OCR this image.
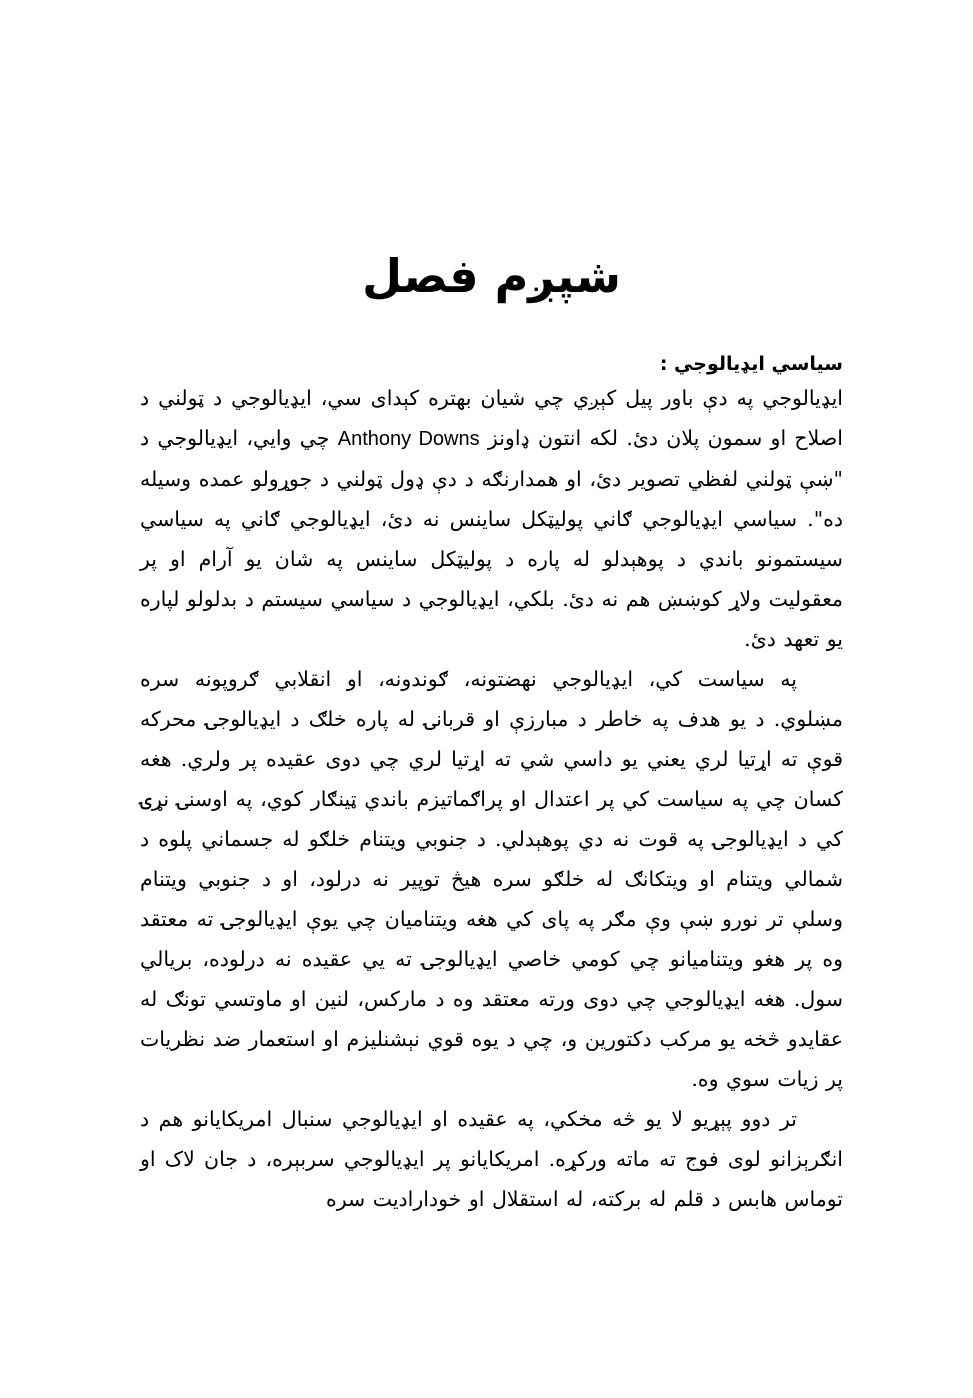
شپږم فصل
سیاسي ایډیالوجي :

ایډیالوجي په دې باور پیل کېږي چي شیان بهتره کېدای سي، ایډیالوجي د ټولني د اصلاح او سمون پلان دئ. لکه انتون ډاونز Anthony Downs چي وایي، ایډیالوجي د "ښې ټولني لفظي تصویر دئ، او همدارنګه د دې ډول ټولني د جوړولو عمده وسیله ده". سیاسي ایډیالوجي ګاني پولیټکل ساینس نه دئ، ایډیالوجي ګاني په سیاسي سیستمونو باندي د پوهېدلو له پاره د پولیټکل ساینس په شان یو آرام او پر معقولیت ولاړ کوښښ هم نه دئ. بلکي، ایډیالوجي د سیاسي سیستم د بدلولو لپاره یو تعهد دئ.

په سیاست کي، ایډیالوجي نهضتونه، ګوندونه، او انقلابي ګروپونه سره مښلوي. د یو هدف په خاطر د مبارزې او قربانۍ له پاره خلګ د ایډیالوجۍ محرکه قوې ته اړتیا لري یعني یو داسي شي ته اړتیا لري چي دوی عقیده پر ولري. هغه کسان چي په سیاست کي پر اعتدال او پراګماتیزم باندي ټینګار کوي، په اوسنۍ نړۍ کي د ایډیالوجۍ په قوت نه دي پوهېدلي. د جنوبي ویتنام خلګو له جسماني پلوه د شمالي ویتنام او ویتکانګ له خلګو سره هیڅ توپیر نه درلود، او د جنوبي ویتنام وسلې تر نورو ښې وې مګر په پای کي هغه ویتنامیان چي یوې ایډیالوجۍ ته معتقد وه پر هغو ویتنامیانو چي کومي خاصي ایډیالوجۍ ته یي عقیده نه درلوده، بریالي سول. هغه ایډیالوجي چي دوی ورته معتقد وه د مارکس، لنین او ماوتسي تونګ له عقایدو څخه یو مرکب دکتورین و، چي د یوه قوي نېشنلیزم او استعمار ضد نظریات پر زیات سوي وه.

تر دوو پېړیو لا یو څه مخکي، په عقیده او ایډیالوجي سنبال امریکایانو هم د انګرېزانو لوی فوج ته ماته ورکړه. امریکایانو پر ایډیالوجي سربېره، د جان لاک او توماس هابس د قلم له برکته، له استقلال او خوداراديت سره
